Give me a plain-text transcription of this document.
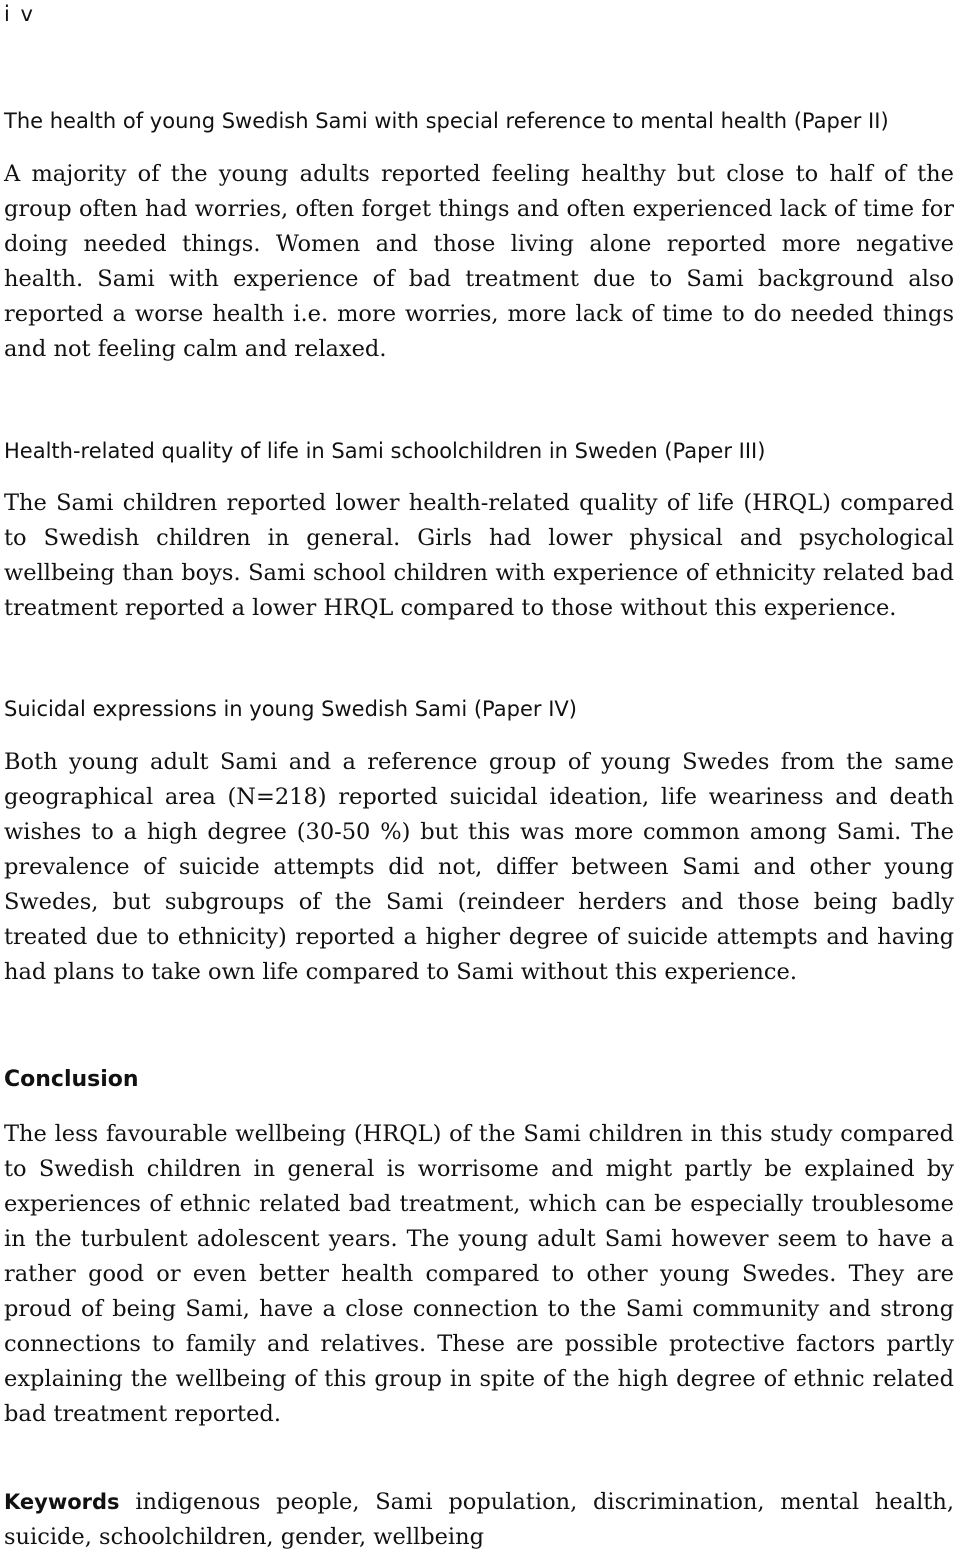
i v
The health of young Swedish Sami with special reference to mental health (Paper II)

A majority of the young adults reported feeling healthy but close to half of the group often had worries, often forget things and often experienced lack of time for doing needed things. Women and those living alone reported more negative health. Sami with experience of bad treatment due to Sami background also reported a worse health i.e. more worries, more lack of time to do needed things and not feeling calm and relaxed.

Health-related quality of life in Sami schoolchildren in Sweden (Paper III)

The Sami children reported lower health-related quality of life (HRQL) compared to Swedish children in general. Girls had lower physical and psychological wellbeing than boys. Sami school children with experience of ethnicity related bad treatment reported a lower HRQL compared to those without this experience.

Suicidal expressions in young Swedish Sami (Paper IV)

Both young adult Sami and a reference group of young Swedes from the same geographical area (N=218) reported suicidal ideation, life weariness and death wishes to a high degree (30-50 %) but this was more common among Sami. The prevalence of suicide attempts did not, differ between Sami and other young Swedes, but subgroups of the Sami (reindeer herders and those being badly treated due to ethnicity) reported a higher degree of suicide attempts and having had plans to take own life compared to Sami without this experience.

Conclusion

The less favourable wellbeing (HRQL) of the Sami children in this study compared to Swedish children in general is worrisome and might partly be explained by experiences of ethnic related bad treatment, which can be especially troublesome in the turbulent adolescent years. The young adult Sami however seem to have a rather good or even better health compared to other young Swedes. They are proud of being Sami, have a close connection to the Sami community and strong connections to family and relatives. These are possible protective factors partly explaining the wellbeing of this group in spite of the high degree of ethnic related bad treatment reported.

Keywords indigenous people, Sami population, discrimination, mental health, suicide, schoolchildren, gender, wellbeing
